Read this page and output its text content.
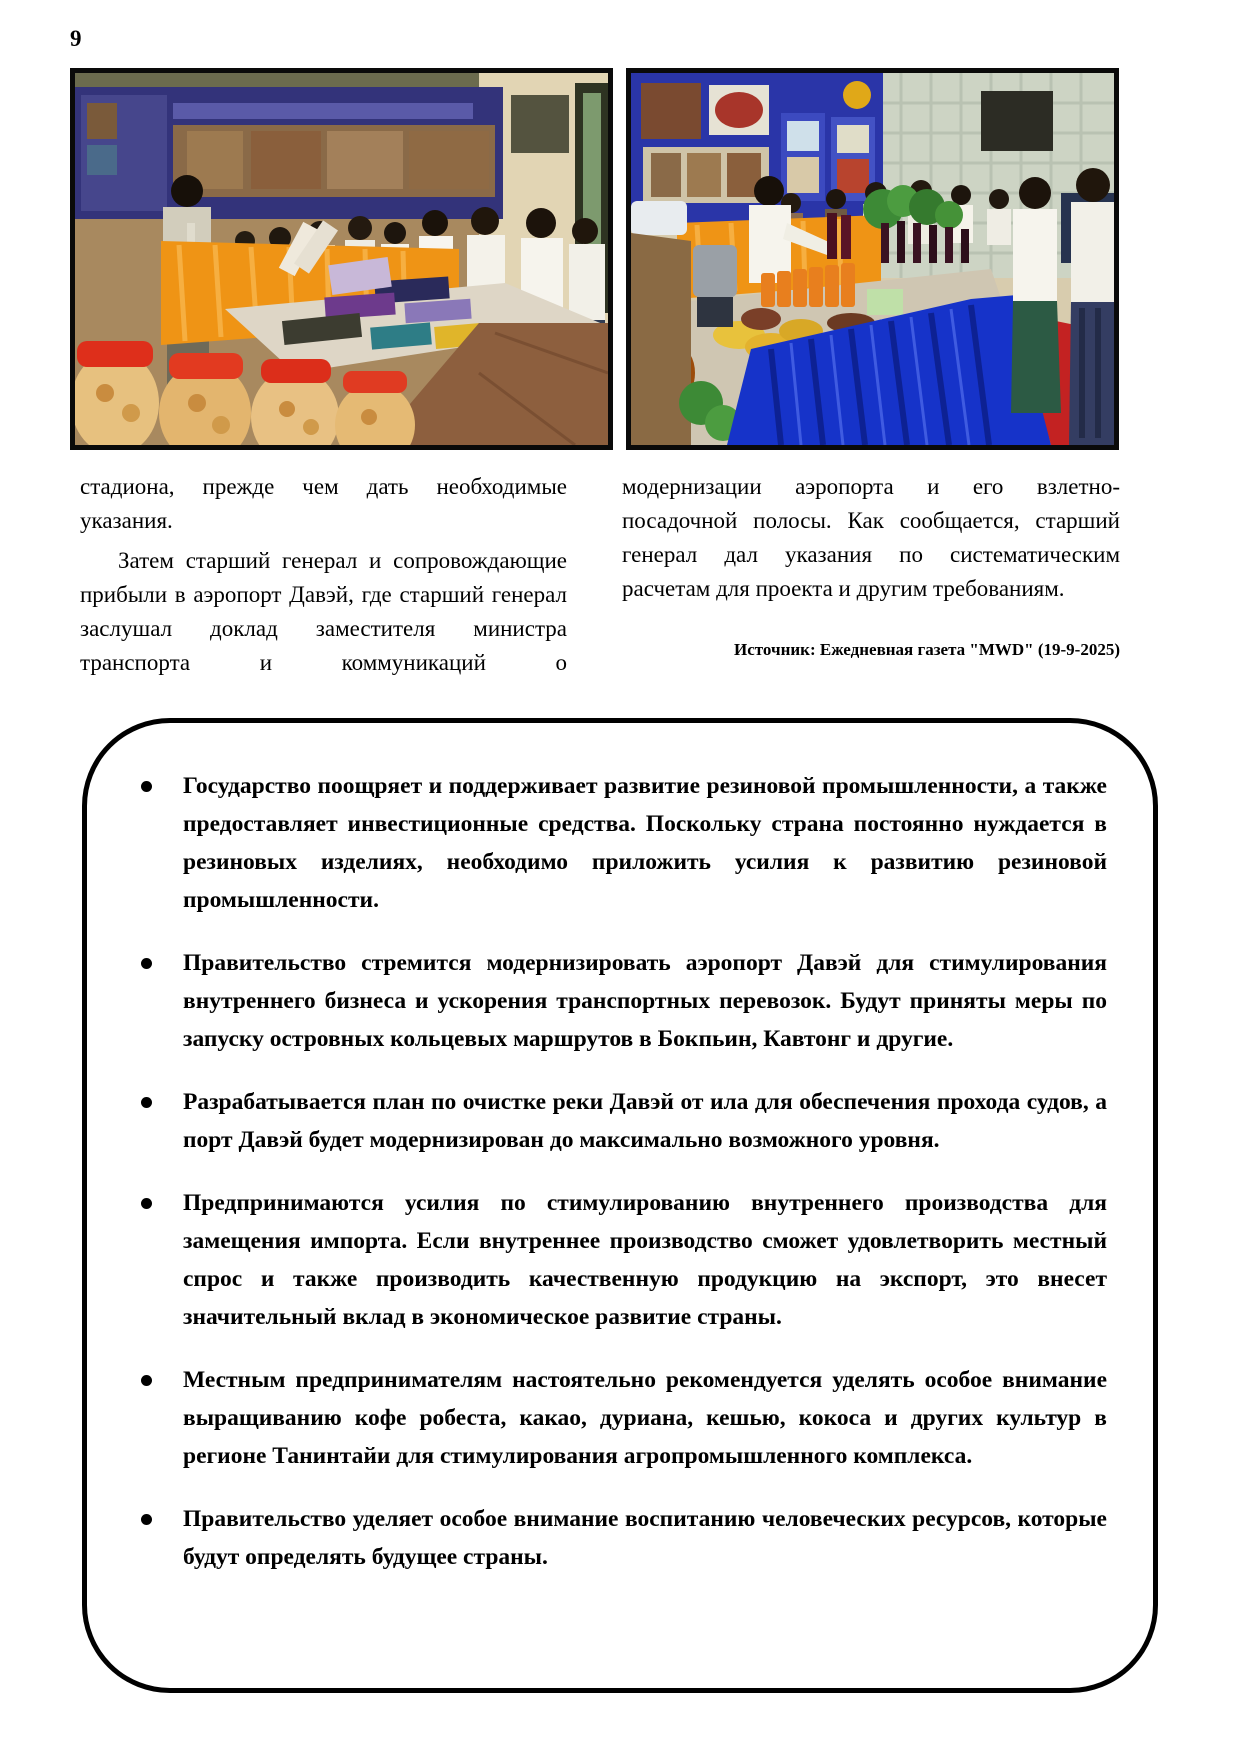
9

стадиона, прежде чем дать необходимые указания.

Затем старший генерал и сопровождающие прибыли в аэропорт Давэй, где старший генерал заслушал доклад заместителя министра транспорта и коммуникаций о

модернизации аэропорта и его взлетно-посадочной полосы. Как сообщается, старший генерал дал указания по систематическим расчетам для проекта и другим требованиям.

Источник: Ежедневная газета "MWD" (19-9-2025)

Государство поощряет и поддерживает развитие резиновой промышленности, а также предоставляет инвестиционные средства. Поскольку страна постоянно нуждается в резиновых изделиях, необходимо приложить усилия к развитию резиновой промышленности.
Правительство стремится модернизировать аэропорт Давэй для стимулирования внутреннего бизнеса и ускорения транспортных перевозок. Будут приняты меры по запуску островных кольцевых маршрутов в Бокпьин, Кавтонг и другие.
Разрабатывается план по очистке реки Давэй от ила для обеспечения прохода судов, а порт Давэй будет модернизирован до максимально возможного уровня.
Предпринимаются усилия по стимулированию внутреннего производства для замещения импорта. Если внутреннее производство сможет удовлетворить местный спрос и также производить качественную продукцию на экспорт, это внесет значительный вклад в экономическое развитие страны.
Местным предпринимателям настоятельно рекомендуется уделять особое внимание выращиванию кофе робеста, какао, дуриана, кешью, кокоса и других культур в регионе Танинтайи для стимулирования агропромышленного комплекса.
Правительство уделяет особое внимание воспитанию человеческих ресурсов, которые будут определять будущее страны.
